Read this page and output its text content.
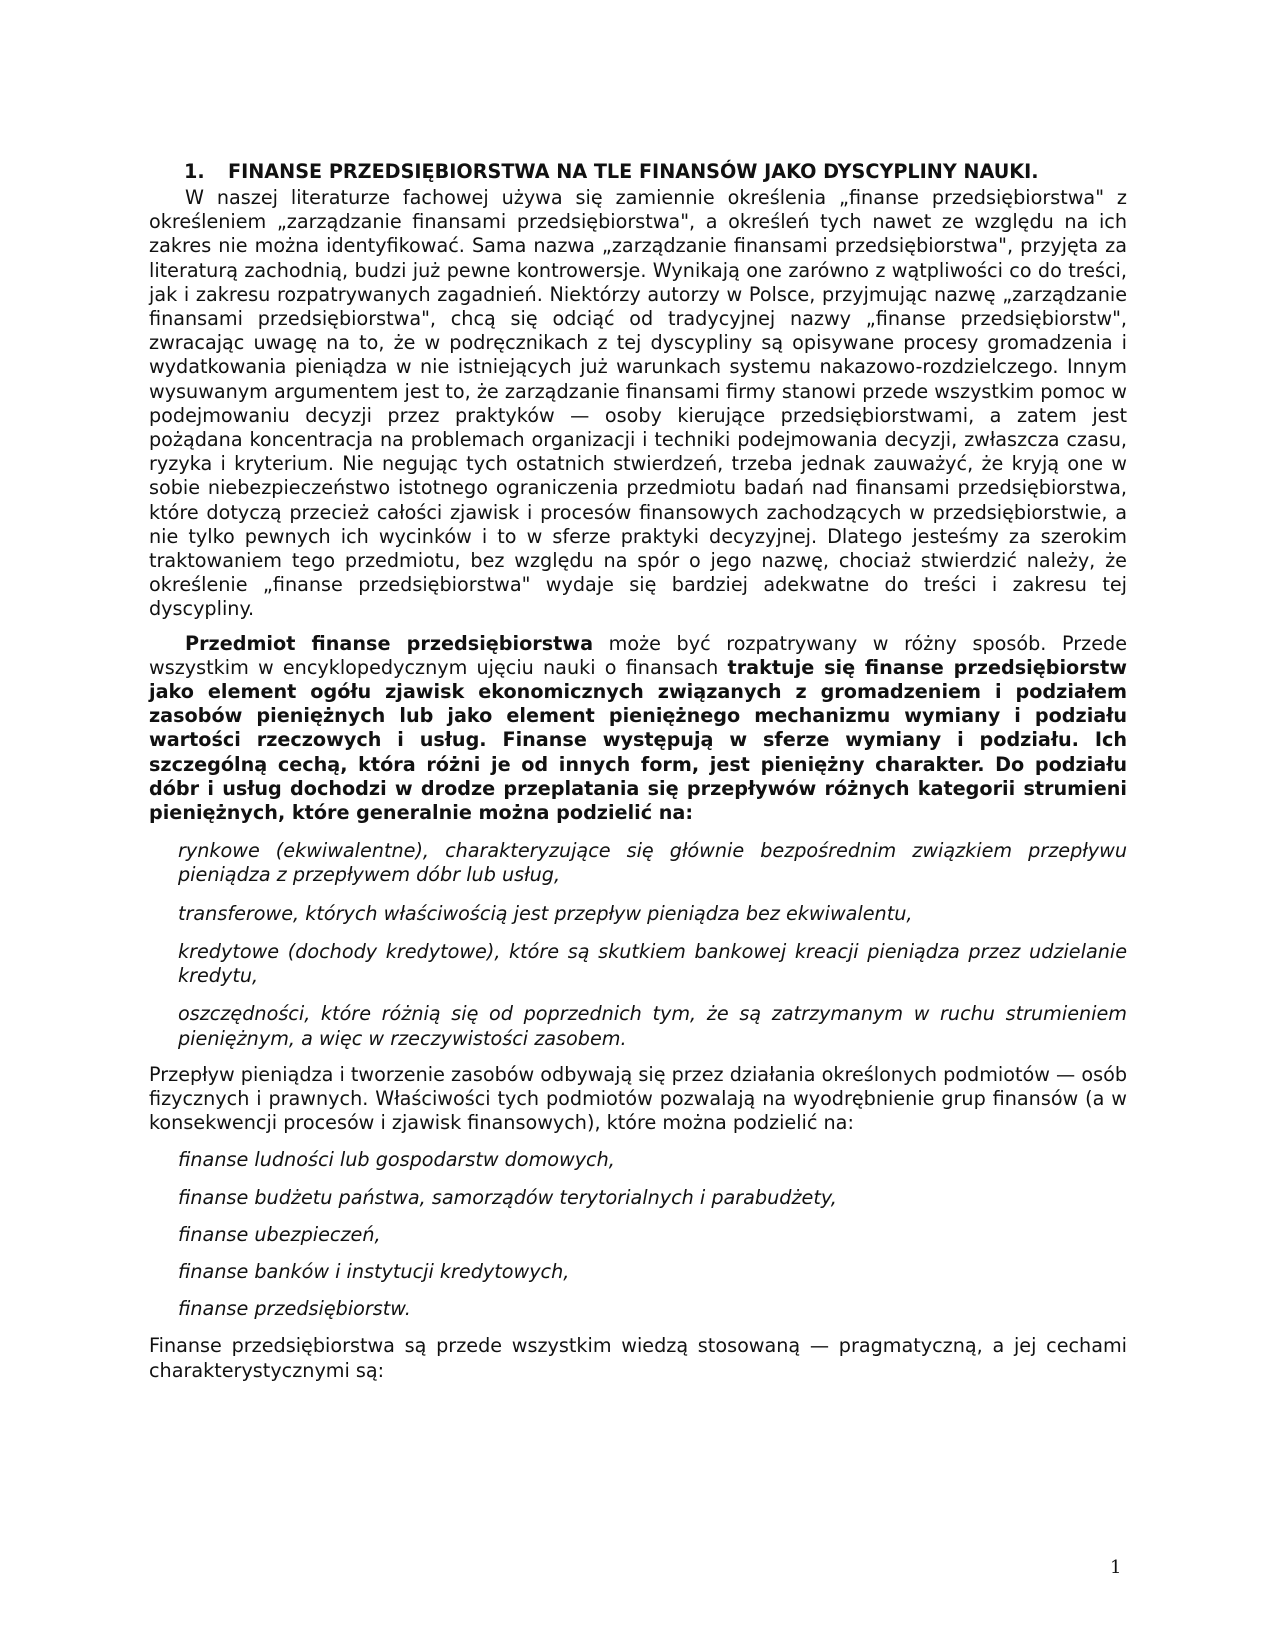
1. FINANSE PRZEDSIĘBIORSTWA NA TLE FINANSÓW JAKO DYSCYPLINY NAUKI.

W naszej literaturze fachowej używa się zamiennie określenia „finanse przedsiębiorstwa" z określeniem „zarządzanie finansami przedsiębiorstwa", a określeń tych nawet ze względu na ich zakres nie można identyfikować. Sama nazwa „zarządzanie finansami przedsiębiorstwa", przyjęta za literaturą zachodnią, budzi już pewne kontrowersje. Wynikają one zarówno z wątpliwości co do treści, jak i zakresu rozpatrywanych zagadnień. Niektórzy autorzy w Polsce, przyjmując nazwę „zarządzanie finansami przedsiębiorstwa", chcą się odciąć od tradycyjnej nazwy „finanse przedsiębiorstw", zwracając uwagę na to, że w podręcznikach z tej dyscypliny są opisywane procesy gromadzenia i wydatkowania pieniądza w nie istniejących już warunkach systemu nakazowo-rozdzielczego. Innym wysuwanym argumentem jest to, że zarządzanie finansami firmy stanowi przede wszystkim pomoc w podejmowaniu decyzji przez praktyków — osoby kierujące przedsiębiorstwami, a zatem jest pożądana koncentracja na problemach organizacji i techniki podejmowania decyzji, zwłaszcza czasu, ryzyka i kryterium. Nie negując tych ostatnich stwierdzeń, trzeba jednak zauważyć, że kryją one w sobie niebezpieczeństwo istotnego ograniczenia przedmiotu badań nad finansami przedsiębiorstwa, które dotyczą przecież całości zjawisk i procesów finansowych zachodzących w przedsiębiorstwie, a nie tylko pewnych ich wycinków i to w sferze praktyki decyzyjnej. Dlatego jesteśmy za szerokim traktowaniem tego przedmiotu, bez względu na spór o jego nazwę, chociaż stwierdzić należy, że określenie „finanse przedsiębiorstwa" wydaje się bardziej adekwatne do treści i zakresu tej dyscypliny.

Przedmiot finanse przedsiębiorstwa może być rozpatrywany w różny sposób. Przede wszystkim w encyklopedycznym ujęciu nauki o finansach traktuje się finanse przedsiębiorstw jako element ogółu zjawisk ekonomicznych związanych z gromadzeniem i podziałem zasobów pieniężnych lub jako element pieniężnego mechanizmu wymiany i podziału wartości rzeczowych i usług. Finanse występują w sferze wymiany i podziału. Ich szczególną cechą, która różni je od innych form, jest pieniężny charakter. Do podziału dóbr i usług dochodzi w drodze przeplatania się przepływów różnych kategorii strumieni pieniężnych, które generalnie można podzielić na:

rynkowe (ekwiwalentne), charakteryzujące się głównie bezpośrednim związkiem przepływu pieniądza z przepływem dóbr lub usług,
transferowe, których właściwością jest przepływ pieniądza bez ekwiwalentu,
kredytowe (dochody kredytowe), które są skutkiem bankowej kreacji pieniądza przez udzielanie kredytu,
oszczędności, które różnią się od poprzednich tym, że są zatrzymanym w ruchu strumieniem pieniężnym, a więc w rzeczywistości zasobem.

Przepływ pieniądza i tworzenie zasobów odbywają się przez działania określonych podmiotów — osób fizycznych i prawnych. Właściwości tych podmiotów pozwalają na wyodrębnienie grup finansów (a w konsekwencji procesów i zjawisk finansowych), które można podzielić na:

finanse ludności lub gospodarstw domowych,
finanse budżetu państwa, samorządów terytorialnych i parabudżety,
finanse ubezpieczeń,
finanse banków i instytucji kredytowych,
finanse przedsiębiorstw.

Finanse przedsiębiorstwa są przede wszystkim wiedzą stosowaną — pragmatyczną, a jej cechami charakterystycznymi są:

1
